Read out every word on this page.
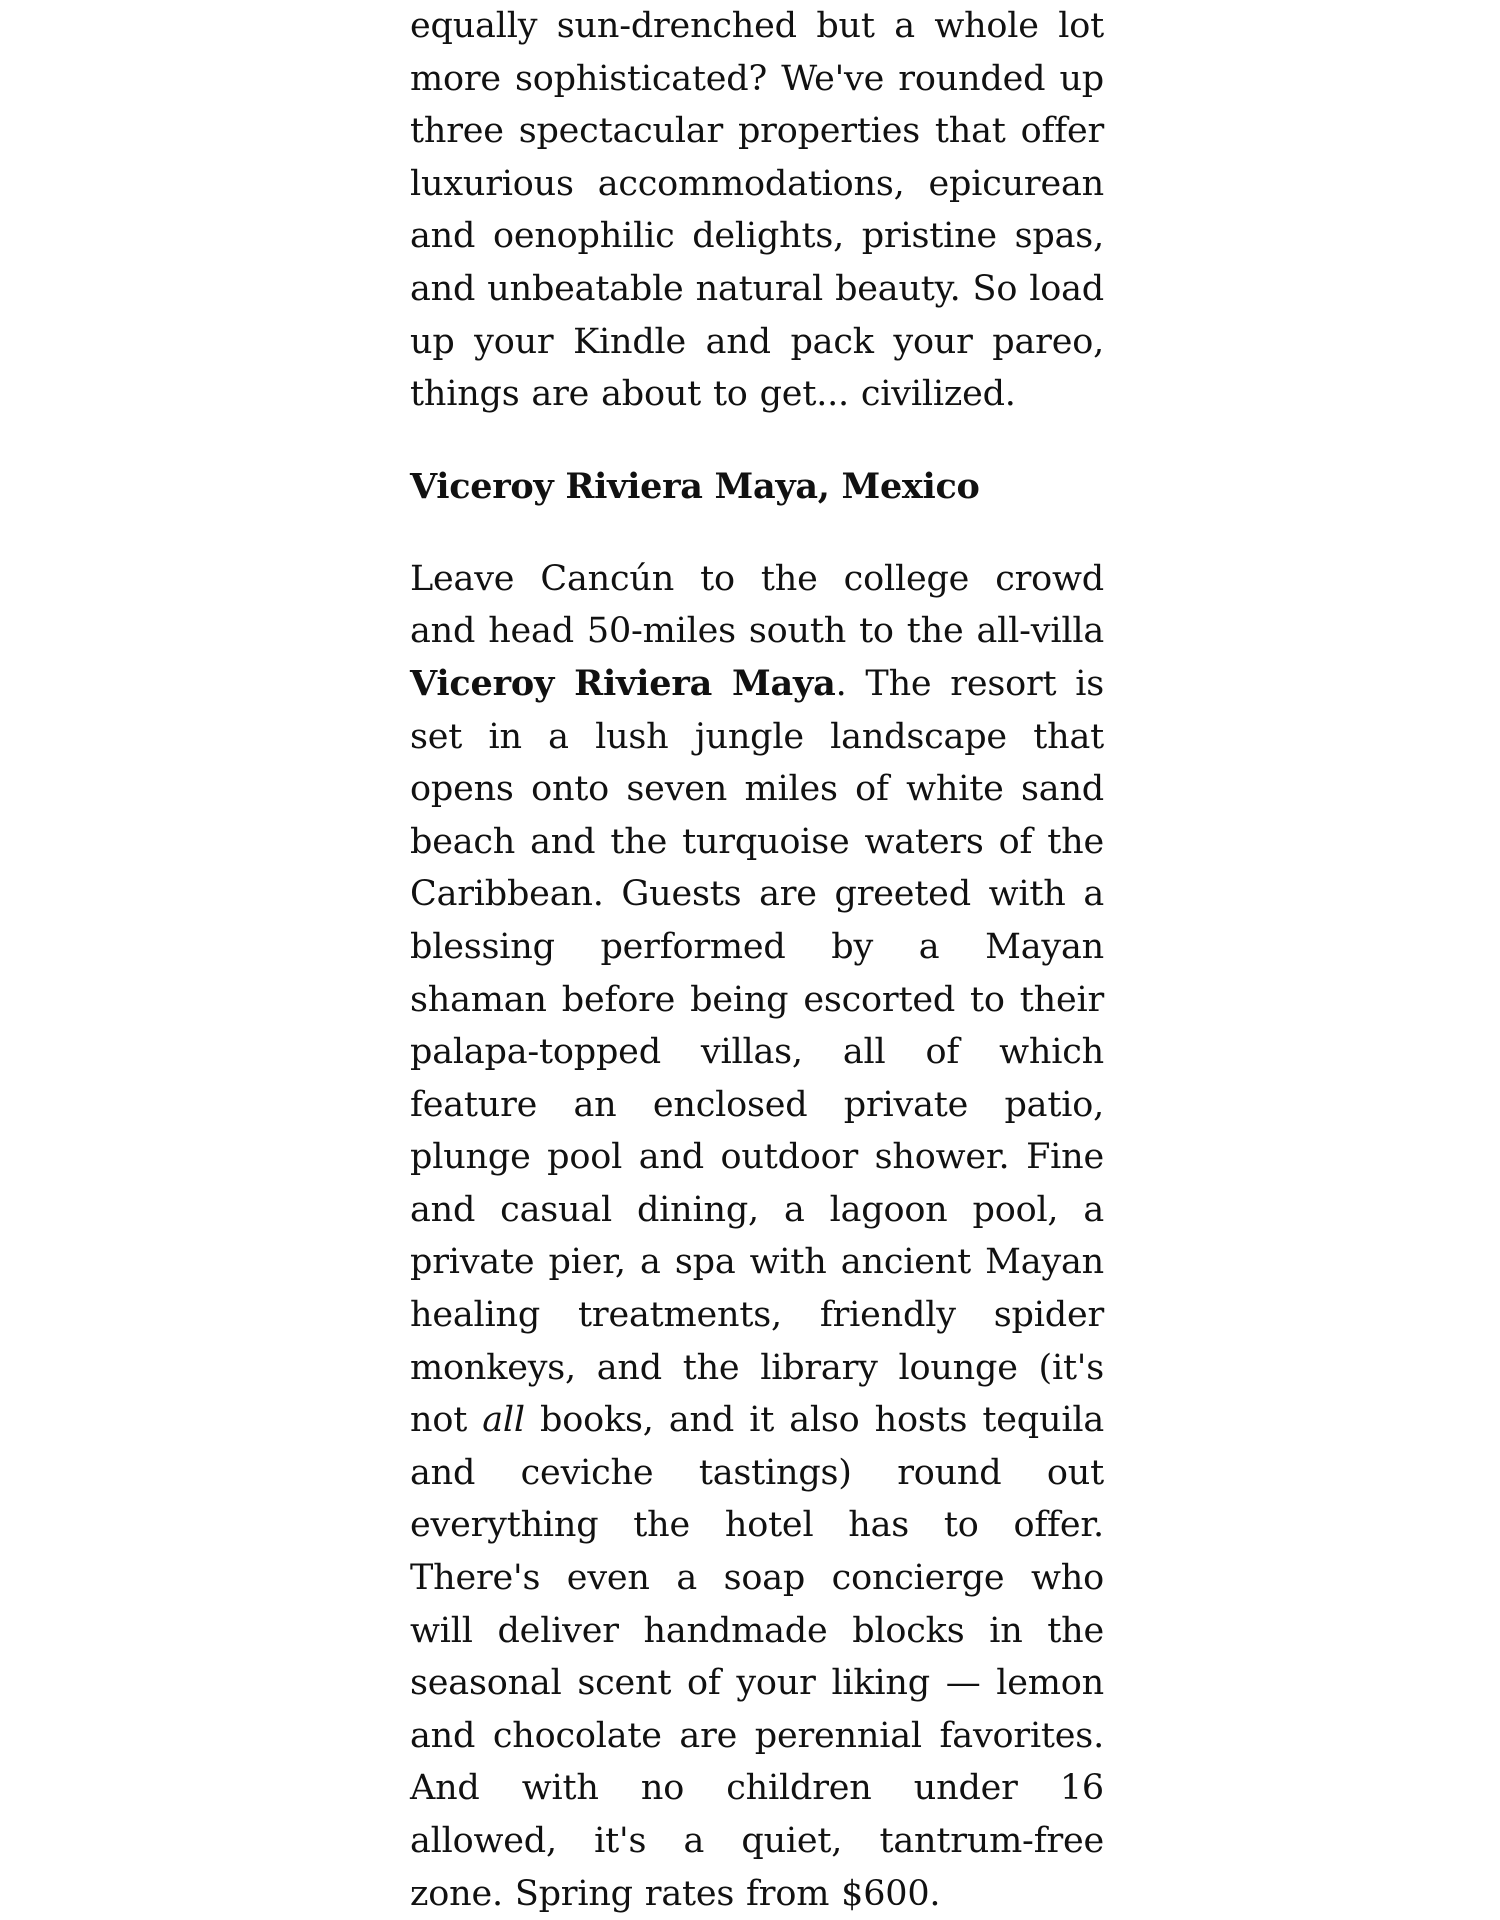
equally sun-drenched but a whole lot more sophisticated? We've rounded up three spectacular properties that offer luxurious accommodations, epicurean and oenophilic delights, pristine spas, and unbeatable natural beauty. So load up your Kindle and pack your pareo, things are about to get... civilized.

Viceroy Riviera Maya, Mexico

Leave Cancún to the college crowd and head 50-miles south to the all-villa Viceroy Riviera Maya. The resort is set in a lush jungle landscape that opens onto seven miles of white sand beach and the turquoise waters of the Caribbean. Guests are greeted with a blessing performed by a Mayan shaman before being escorted to their palapa-topped villas, all of which feature an enclosed private patio, plunge pool and outdoor shower. Fine and casual dining, a lagoon pool, a private pier, a spa with ancient Mayan healing treatments, friendly spider monkeys, and the library lounge (it's not all books, and it also hosts tequila and ceviche tastings) round out everything the hotel has to offer. There's even a soap concierge who will deliver handmade blocks in the seasonal scent of your liking — lemon and chocolate are perennial favorites. And with no children under 16 allowed, it's a quiet, tantrum-free zone. Spring rates from $600.
